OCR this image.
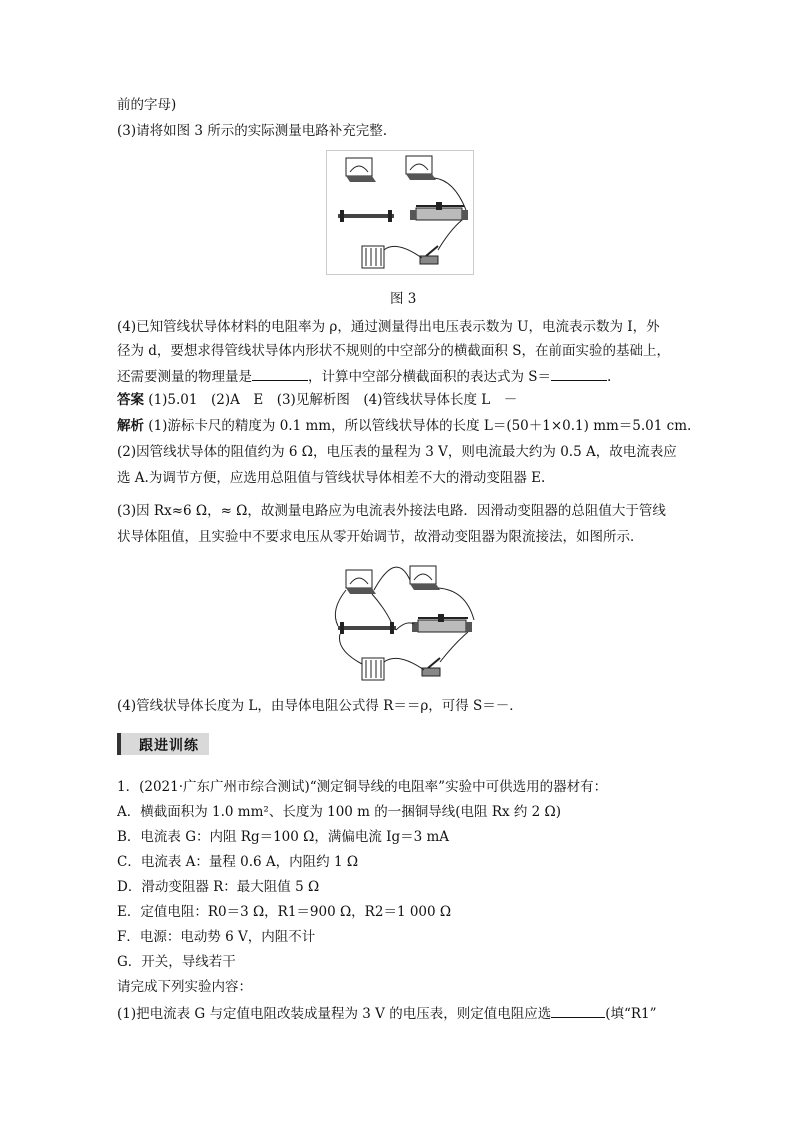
前的字母)
(3)请将如图 3 所示的实际测量电路补充完整.
图 3
(4)已知管线状导体材料的电阻率为 ρ，通过测量得出电压表示数为 U，电流表示数为 I，外
径为 d，要想求得管线状导体内形状不规则的中空部分的横截面积 S，在前面实验的基础上，
还需要测量的物理量是	，计算中空部分横截面积的表达式为 S＝	.
答案 (1)5.01　(2)A　E　(3)见解析图　(4)管线状导体长度 L　－
解析 (1)游标卡尺的精度为 0.1 mm，所以管线状导体的长度 L＝(50＋1×0.1) mm＝5.01 cm.
(2)因管线状导体的阻值约为 6 Ω，电压表的量程为 3 V，则电流最大约为 0.5 A，故电流表应
选 A.为调节方便，应选用总阻值与管线状导体相差不大的滑动变阻器 E.
(3)因 Rx≈6 Ω，≈ Ω，故测量电路应为电流表外接法电路．因滑动变阻器的总阻值大于管线
状导体阻值，且实验中不要求电压从零开始调节，故滑动变阻器为限流接法，如图所示．
(4)管线状导体长度为 L，由导体电阻公式得 R＝＝ρ，可得 S＝－．
跟进训练
1．(2021·广东广州市综合测试)“测定铜导线的电阻率”实验中可供选用的器材有：
A．横截面积为 1.0 mm²、长度为 100 m 的一捆铜导线(电阻 Rx 约 2 Ω)
B．电流表 G：内阻 Rg＝100 Ω，满偏电流 Ig＝3 mA
C．电流表 A：量程 0.6 A，内阻约 1 Ω
D．滑动变阻器 R：最大阻值 5 Ω
E．定值电阻：R0＝3 Ω，R1＝900 Ω，R2＝1 000 Ω
F．电源：电动势 6 V，内阻不计
G．开关，导线若干
请完成下列实验内容：
(1)把电流表 G 与定值电阻改装成量程为 3 V 的电压表，则定值电阻应选	(填“R1”
